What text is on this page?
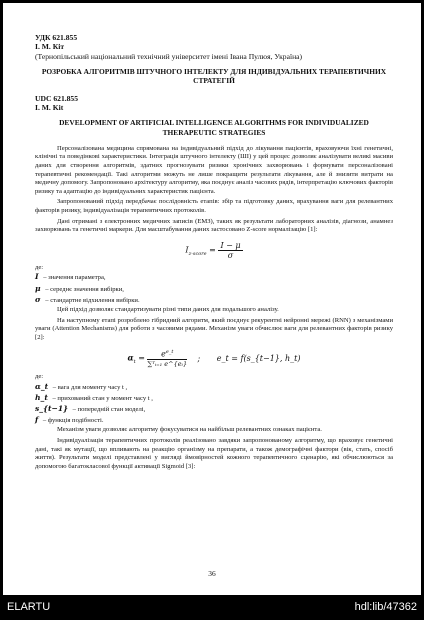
УДК 621.855
І. М. Кіт
(Тернопільський національний технічний університет імені Івана Пулюя, Україна)
РОЗРОБКА АЛГОРИТМІВ ШТУЧНОГО ІНТЕЛЕКТУ ДЛЯ ІНДИВІДУАЛЬНИХ ТЕРАПЕВТИЧНИХ СТРАТЕГІЙ
UDC 621.855
I. M. Kit
DEVELOPMENT OF ARTIFICIAL INTELLIGENCE ALGORITHMS FOR INDIVIDUALIZED THERAPEUTIC STRATEGIES

Персоналізована медицина спрямована на індивідуальний підхід до лікування пацієнтів, враховуючи їхні генетичні, клінічні та поведінкові характеристики. Інтеграція штучного інтелекту (ШІ) у цей процес дозволяє аналізувати великі масиви даних для створення алгоритмів, здатних прогнозувати ризики хронічних захворювань і формувати персоналізовані терапевтичні рекомендації. Такі алгоритми можуть не лише покращити результати лікування, але й знизити витрати на медичну допомогу. Запропоновано архітектуру алгоритму, яка поєднує аналіз часових рядів, інтерпретацію ключових факторів ризику та адаптацію до індивідуальних характеристик пацієнта.

Запропонований підхід передбачає послідовність етапів: збір та підготовку даних, врахування ваги для релевантних факторів ризику, індивідуалізація терапевтичних протоколів.

Дані отримані з електронних медичних записів (ЕМЗ), таких як результати лабораторних аналізів, діагнози, анамнез захворювань та генетичні маркери. Для масштабування даних застосовано Z-score нормалізацію [1]:

$I_{z-score} = \frac{I - \mu}{\sigma}$
де:
I – значення параметра,
μ – середнє значення вибірки,
σ – стандартне відхилення вибірки.

Цей підхід дозволяє стандартизувати різні типи даних для подальшого аналізу.

На наступному етапі розроблено гібридний алгоритм, який поєднує рекурентні нейронні мережі (RNN) з механізмами уваги (Attention Mechanisms) для роботи з часовими рядами. Механізм уваги обчислює ваги для релевантних факторів ризику [2]:

$\alpha_t = \frac{e^{e\_t}}{\text{∑ᵀᵢ₌₁ e\textasciicircum{}\{eᵢ\}}}$ ; e_t = f(s_{t−1}, h_t)
де:
α_t – вага для моменту часу t ,
h_t – прихований стан у момент часу t ,
s_{t−1} – попередній стан моделі,
f – функція подібності.

Механізм уваги дозволяє алгоритму фокусуватися на найбільш релевантних ознаках пацієнта.

Індивідуалізація терапевтичних протоколів реалізовано завдяки запропонованому алгоритму, що враховує генетичні дані, такі як мутації, що впливають на реакцію організму на препарати, а також демографічні фактори (вік, стать, спосіб життя). Результати моделі представлені у вигляді ймовірностей кожного терапевтичного сценарію, які обчислюються за допомогою багатокласової функції активації Sigmoid [3]:

36
ELARTU	hdl:lib/47362
